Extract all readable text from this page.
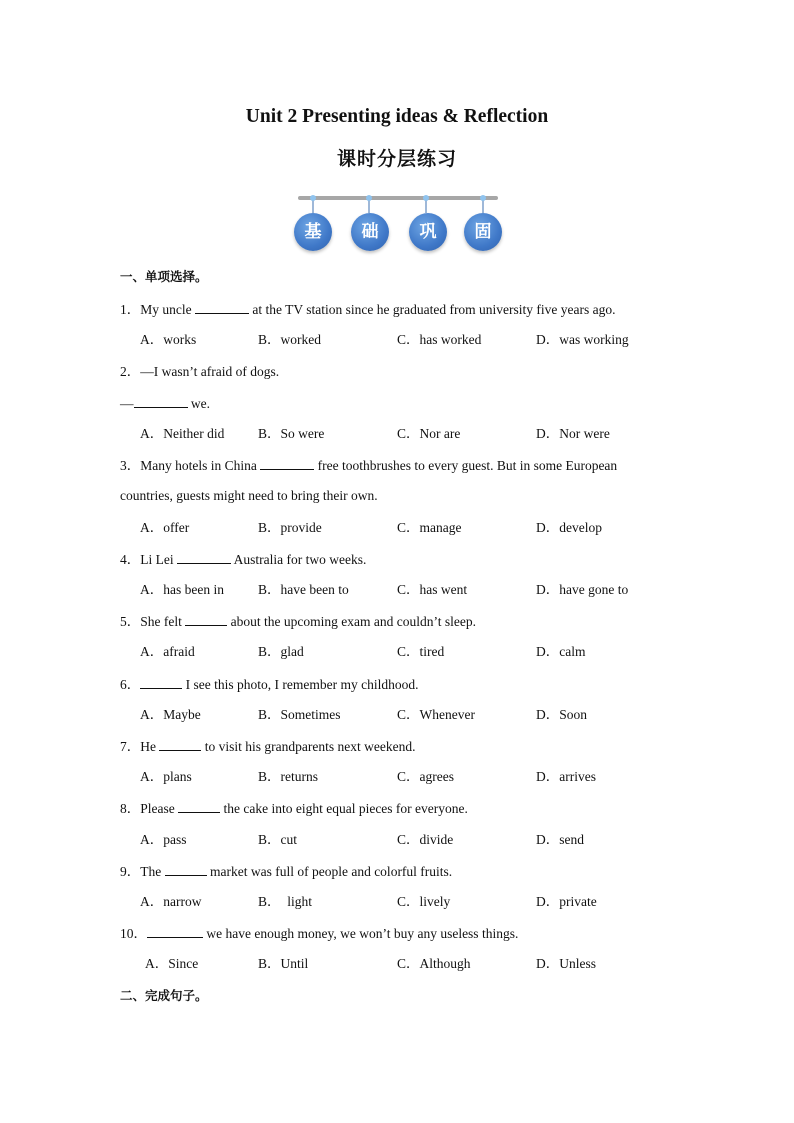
Unit 2 Presenting ideas & Reflection
课时分层练习
基	础	巩	固
一、单项选择。
1．My uncle	at the TV station since he graduated from university five years ago.
A．works	B．worked	C．has worked	D．was working
2．—I wasn’t afraid of dogs.
—	we.
A．Neither did B．So were	C．Nor are	D．Nor were
3．Many hotels in China	free toothbrushes to every guest. But in some European
countries, guests might need to bring their own.
A．offer	B．provide	C．manage	D．develop
4．Li Lei	Australia for two weeks.
A．has been in	B．have been to	C．has went	D．have gone to
5．She felt	about the upcoming exam and couldn’t sleep.
A．afraid	B．glad	C．tired	D．calm
6．	I see this photo, I remember my childhood.
A．Maybe	B．Sometimes	C．Whenever	D．Soon
7．He	to visit his grandparents next weekend.
A．plans	B．returns	C．agrees	D．arrives
8．Please	the cake into eight equal pieces for everyone.
A．pass	B．cut	C．divide	D．send
9．The	market was full of people and colorful fruits.
A．narrow	B．  light	C．lively	D．private
10．	we have enough money, we won’t buy any useless things.
A．Since	B．Until	C．Although	D．Unless
二、完成句子。
